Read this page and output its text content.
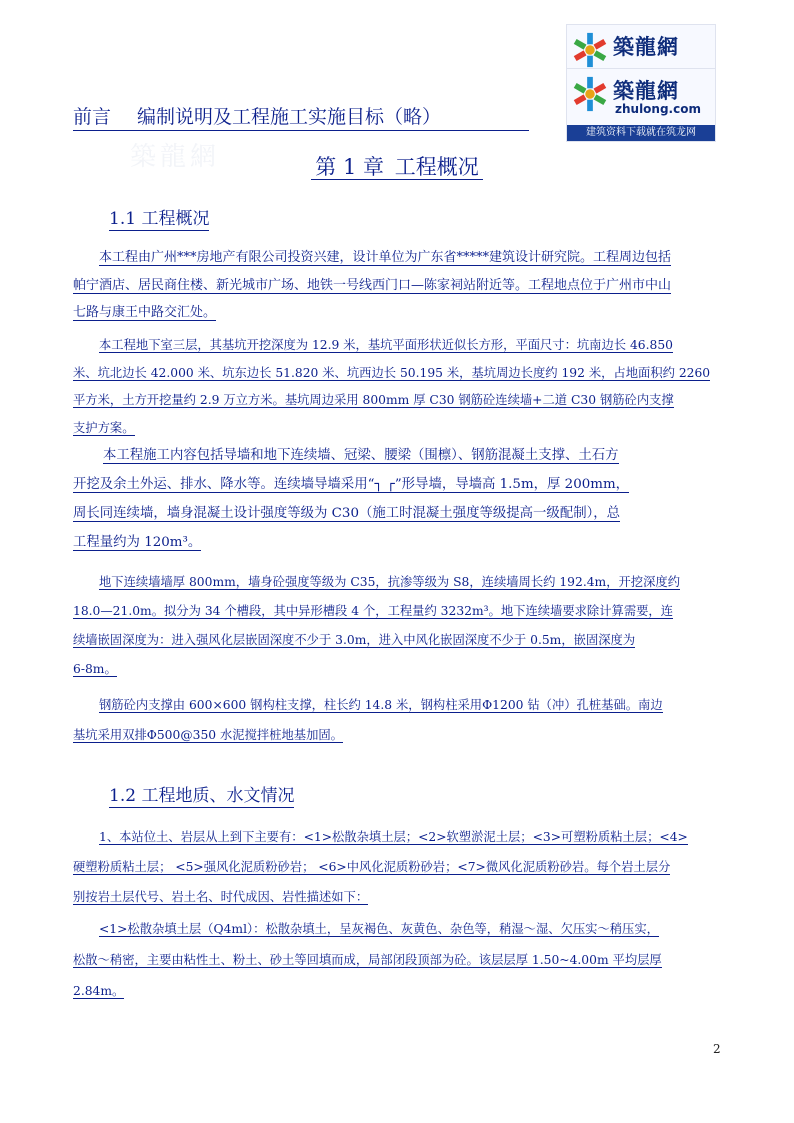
築龍網
築龍網
zhulong.com
建筑资料下载就在筑龙网
築龍網
前言 编制说明及工程施工实施目标（略）
第 1 章 工程概况
1.1 工程概况
本工程由广州***房地产有限公司投资兴建，设计单位为广东省*****建筑设计研究院。工程周边包括
帕宁酒店、居民商住楼、新光城市广场、地铁一号线西门口—陈家祠站附近等。工程地点位于广州市中山
七路与康王中路交汇处。
本工程地下室三层，其基坑开挖深度为 12.9 米，基坑平面形状近似长方形，平面尺寸：坑南边长 46.850
米、坑北边长 42.000 米、坑东边长 51.820 米、坑西边长 50.195 米，基坑周边长度约 192 米，占地面积约 2260
平方米，土方开挖量约 2.9 万立方米。基坑周边采用 800mm 厚 C30 钢筋砼连续墙+二道 C30 钢筋砼内支撑
支护方案。
本工程施工内容包括导墙和地下连续墙、冠梁、腰梁（围檩）、钢筋混凝土支撑、土石方
开挖及余土外运、排水、降水等。连续墙导墙采用“┐ ┌”形导墙，导墙高 1.5m，厚 200mm，
周长同连续墙，墙身混凝土设计强度等级为 C30（施工时混凝土强度等级提高一级配制），总
工程量约为 120m³。
地下连续墙墙厚 800mm，墙身砼强度等级为 C35，抗渗等级为 S8，连续墙周长约 192.4m，开挖深度约
18.0—21.0m。拟分为 34 个槽段，其中异形槽段 4 个，工程量约 3232m³。地下连续墙要求除计算需要，连
续墙嵌固深度为：进入强风化层嵌固深度不少于 3.0m，进入中风化嵌固深度不少于 0.5m，嵌固深度为
6-8m。
钢筋砼内支撑由 600×600 钢构柱支撑，柱长约 14.8 米，钢构柱采用Φ1200 钻（冲）孔桩基础。南边
基坑采用双排Φ500@350 水泥搅拌桩地基加固。
1.2 工程地质、水文情况
1、本站位土、岩层从上到下主要有：<1>松散杂填土层；<2>软塑淤泥土层；<3>可塑粉质粘土层；<4>
硬塑粉质粘土层； <5>强风化泥质粉砂岩； <6>中风化泥质粉砂岩；<7>微风化泥质粉砂岩。每个岩土层分
别按岩土层代号、岩土名、时代成因、岩性描述如下：
<1>松散杂填土层（Q4ml）：松散杂填土，呈灰褐色、灰黄色、杂色等，稍湿～湿、欠压实～稍压实，
松散～稍密，主要由粘性土、粉土、砂土等回填而成，局部闭段顶部为砼。该层层厚 1.50~4.00m 平均层厚
2.84m。
2
